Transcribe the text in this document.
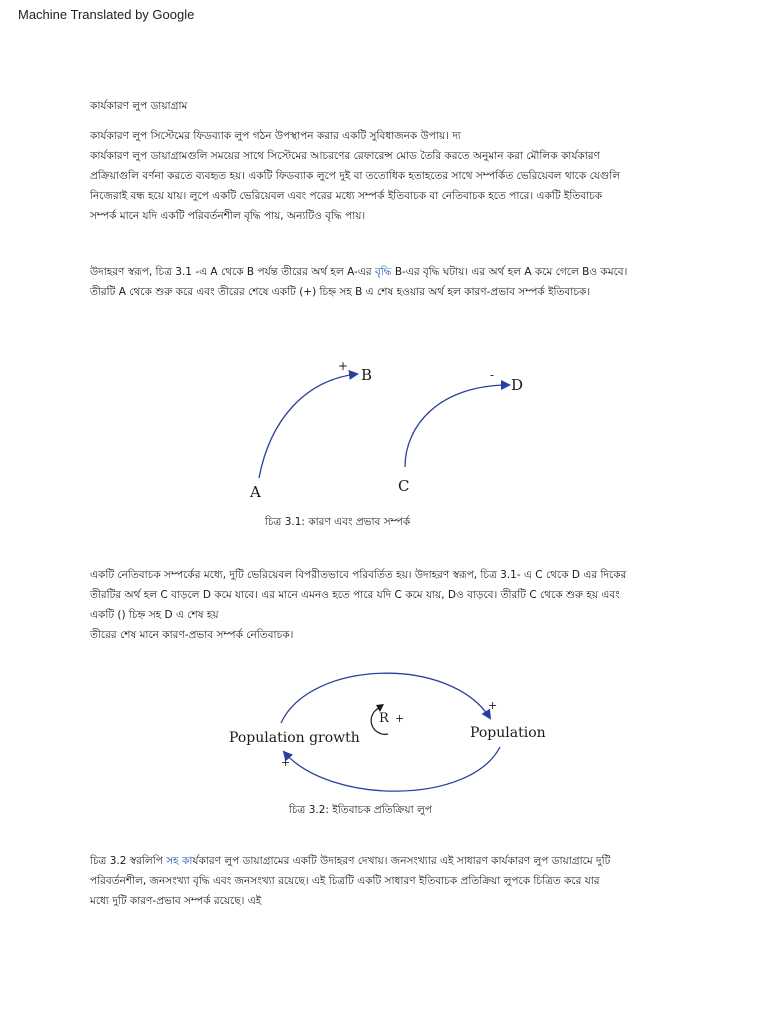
Machine Translated by Google
কার্যকারণ লুপ ডায়াগ্রাম

কার্যকারণ লুপ সিস্টেমের ফিডব্যাক লুপ গঠন উপস্থাপন করার একটি সুবিধাজনক উপায়। দ্য

কার্যকারণ লুপ ডায়াগ্রামগুলি সময়ের সাথে সিস্টেমের আচরণের রেফারেন্স মোড তৈরি করতে অনুমান করা মৌলিক কার্যকারণ

প্রক্রিয়াগুলি বর্ণনা করতে ব্যবহৃত হয়। একটি ফিডব্যাক লুপে দুই বা ততোধিক হতাহতের সাথে সম্পর্কিত ভেরিয়েবল থাকে যেগুলি

নিজেরাই বন্ধ হয়ে যায়। লুপে একটি ভেরিয়েবল এবং পরের মধ্যে সম্পর্ক ইতিবাচক বা নেতিবাচক হতে পারে। একটি ইতিবাচক

সম্পর্ক মানে যদি একটি পরিবর্তনশীল বৃদ্ধি পায়, অন্যটিও বৃদ্ধি পায়।

উদাহরণ স্বরূপ, চিত্র 3.1 -এ A থেকে B পর্যন্ত তীরের অর্থ হল A-এর বৃদ্ধি B-এর বৃদ্ধি ঘটায়। এর অর্থ হল A কমে গেলে Bও কমবে।

তীরটি A থেকে শুরু করে এবং তীরের শেষে একটি (+) চিহ্ন সহ B এ শেষ হওয়ার অর্থ হল কারণ-প্রভাব সম্পর্ক ইতিবাচক।

A
B
C
D
+
-
R +
Population growth	Population
+
+
চিত্র 3.1: কারণ এবং প্রভাব সম্পর্ক

একটি নেতিবাচক সম্পর্কের মধ্যে, দুটি ভেরিয়েবল বিপরীতভাবে পরিবর্তিত হয়। উদাহরণ স্বরূপ, চিত্র 3.1- এ C থেকে D এর দিকের

তীরটির অর্থ হল C বাড়লে D কমে যাবে। এর মানে এমনও হতে পারে যদি C কমে যায়, Dও বাড়বে। তীরটি C থেকে শুরু হয় এবং

একটি () চিহ্ন সহ D এ শেষ হয়

তীরের শেষ মানে কারণ-প্রভাব সম্পর্ক নেতিবাচক।

চিত্র 3.2: ইতিবাচক প্রতিক্রিয়া লুপ

চিত্র 3.2 স্বরলিপি সহ কার্যকারণ লুপ ডায়াগ্রামের একটি উদাহরণ দেখায়। জনসংখ্যার এই সাধারণ কার্যকারণ লুপ ডায়াগ্রামে দুটি

পরিবর্তনশীল, জনসংখ্যা বৃদ্ধি এবং জনসংখ্যা রয়েছে। এই চিত্রটি একটি সাধারণ ইতিবাচক প্রতিক্রিয়া লুপকে চিত্রিত করে যার

মধ্যে দুটি কারণ-প্রভাব সম্পর্ক রয়েছে। এই
